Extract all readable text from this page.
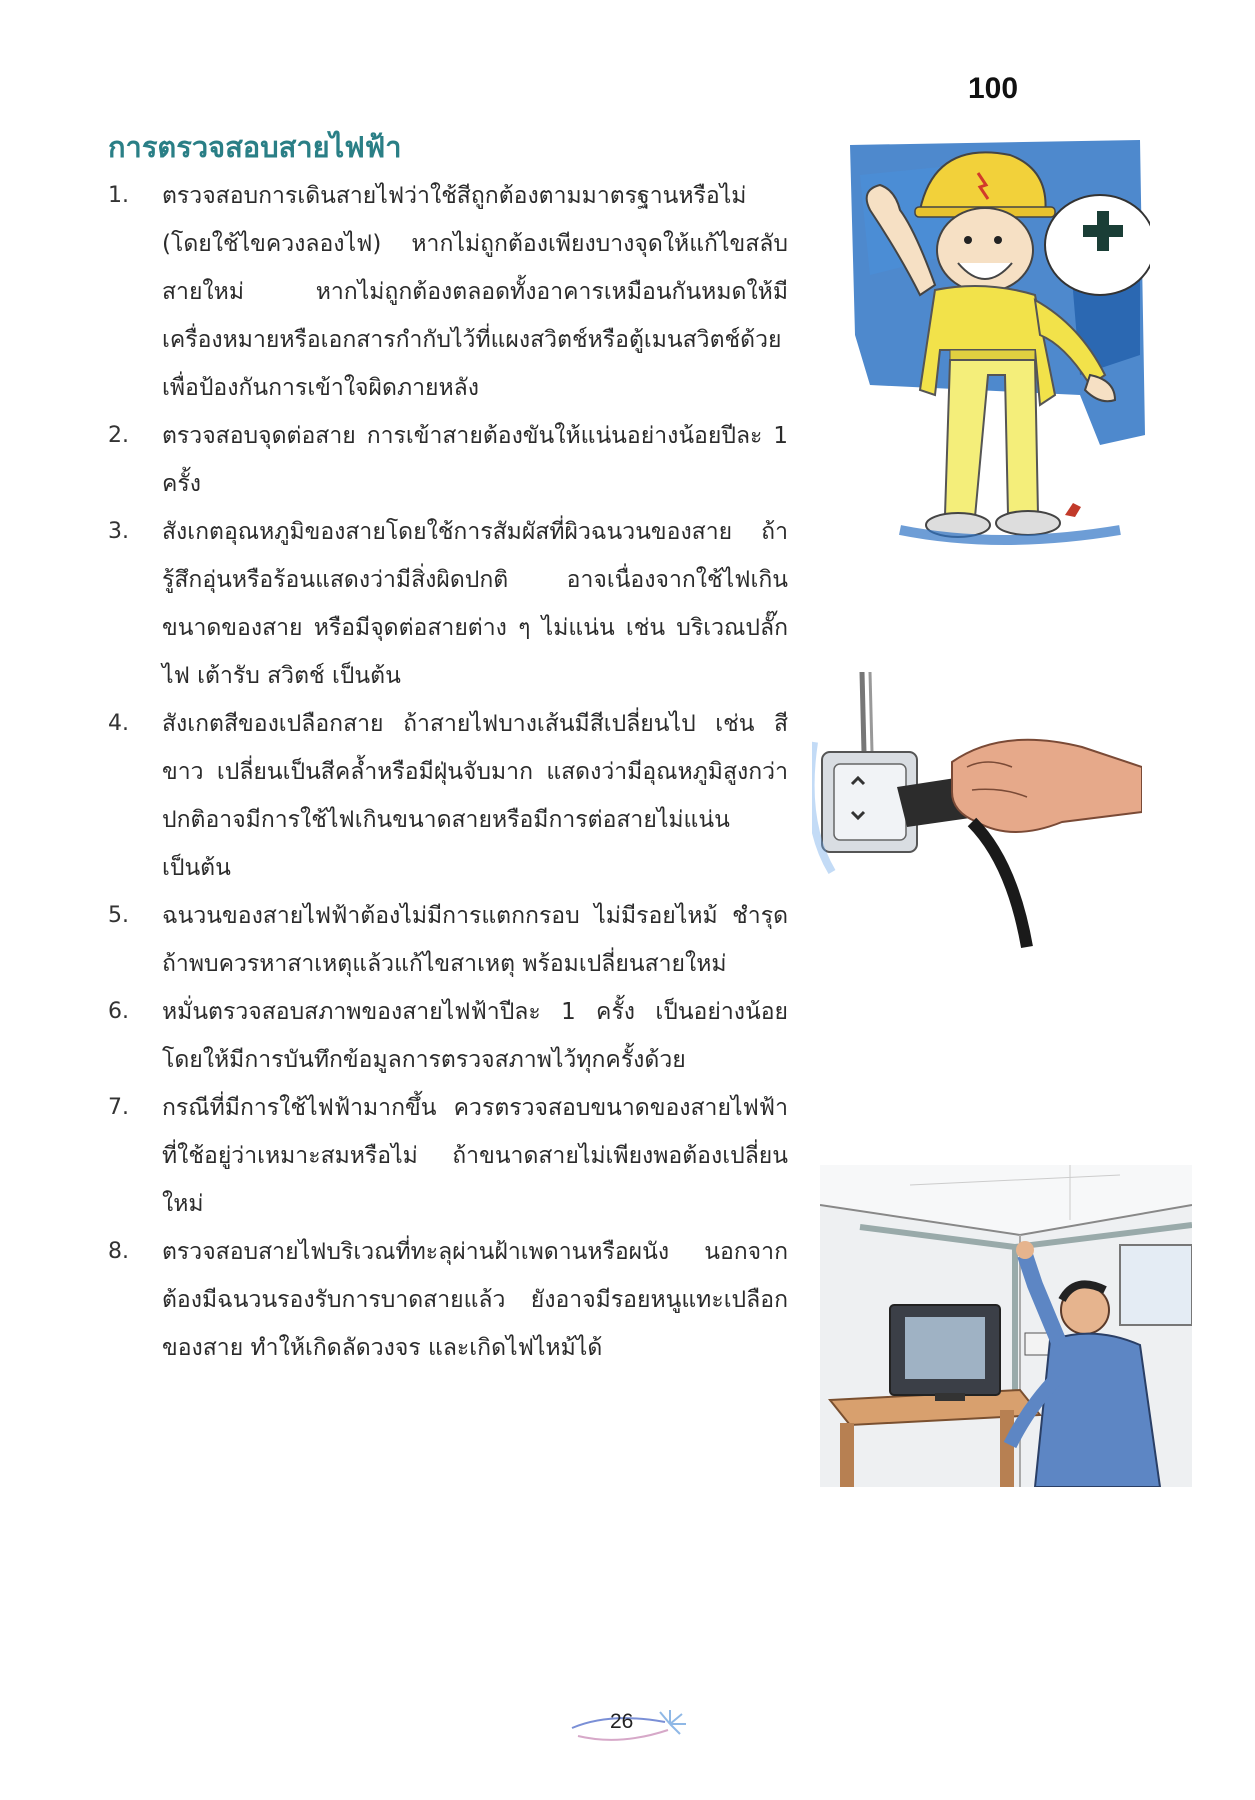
100
การตรวจสอบสายไฟฟ้า
1.	ตรวจสอบการเดินสายไฟว่าใช้สีถูกต้องตามมาตรฐานหรือไม่ (โดยใช้ไขควงลองไฟ) หากไม่ถูกต้องเพียงบางจุดให้แก้ไขสลับสายใหม่ หากไม่ถูกต้องตลอดทั้งอาคารเหมือนกันหมดให้มีเครื่องหมายหรือเอกสารกำกับไว้ที่แผงสวิตช์หรือตู้เมนสวิตช์ด้วย เพื่อป้องกันการเข้าใจผิดภายหลัง
2.	ตรวจสอบจุดต่อสาย การเข้าสายต้องขันให้แน่นอย่างน้อยปีละ 1 ครั้ง
3.	สังเกตอุณหภูมิของสายโดยใช้การสัมผัสที่ผิวฉนวนของสาย ถ้ารู้สึกอุ่นหรือร้อนแสดงว่ามีสิ่งผิดปกติ อาจเนื่องจากใช้ไฟเกินขนาดของสาย หรือมีจุดต่อสายต่าง ๆ ไม่แน่น เช่น บริเวณปลั๊กไฟ เต้ารับ สวิตช์ เป็นต้น
4.	สังเกตสีของเปลือกสาย ถ้าสายไฟบางเส้นมีสีเปลี่ยนไป เช่น สีขาว เปลี่ยนเป็นสีคล้ำหรือมีฝุ่นจับมาก แสดงว่ามีอุณหภูมิสูงกว่าปกติอาจมีการใช้ไฟเกินขนาดสายหรือมีการต่อสายไม่แน่น เป็นต้น
5.	ฉนวนของสายไฟฟ้าต้องไม่มีการแตกกรอบ ไม่มีรอยไหม้ ชำรุด ถ้าพบควรหาสาเหตุแล้วแก้ไขสาเหตุ พร้อมเปลี่ยนสายใหม่
6.	หมั่นตรวจสอบสภาพของสายไฟฟ้าปีละ 1 ครั้ง เป็นอย่างน้อย โดยให้มีการบันทึกข้อมูลการตรวจสภาพไว้ทุกครั้งด้วย
7.	กรณีที่มีการใช้ไฟฟ้ามากขึ้น ควรตรวจสอบขนาดของสายไฟฟ้าที่ใช้อยู่ว่าเหมาะสมหรือไม่ ถ้าขนาดสายไม่เพียงพอต้องเปลี่ยนใหม่
8.	ตรวจสอบสายไฟบริเวณที่ทะลุผ่านฝ้าเพดานหรือผนัง นอกจากต้องมีฉนวนรองรับการบาดสายแล้ว ยังอาจมีรอยหนูแทะเปลือกของสาย ทำให้เกิดลัดวงจร และเกิดไฟไหม้ได้
26
